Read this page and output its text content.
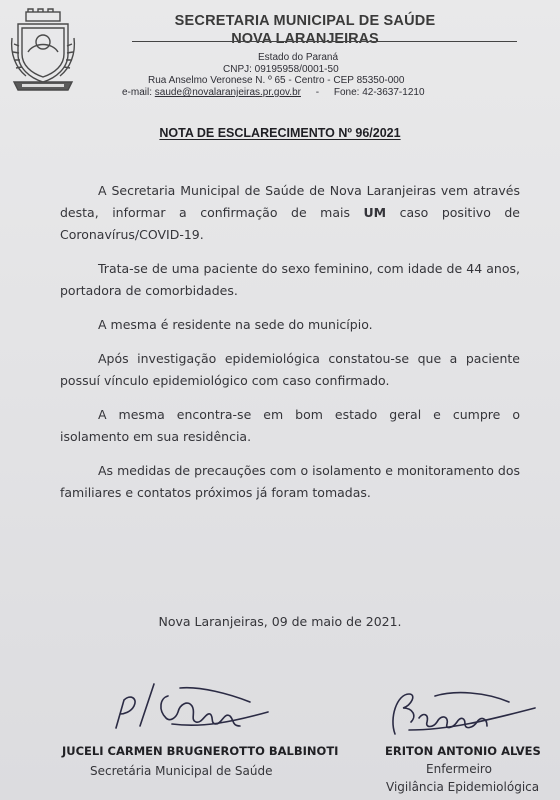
SECRETARIA MUNICIPAL DE SAÚDE
NOVA LARANJEIRAS
Estado do Paraná
CNPJ: 09195958/0001-50
Rua Anselmo Veronese N. º 65 - Centro - CEP 85350-000
e-mail: saude@novalaranjeiras.pr.gov.br - Fone: 42-3637-1210
NOTA DE ESCLARECIMENTO Nº 96/2021

A Secretaria Municipal de Saúde de Nova Laranjeiras vem através desta, informar a confirmação de mais UM caso positivo de Coronavírus/COVID-19.

Trata-se de uma paciente do sexo feminino, com idade de 44 anos, portadora de comorbidades.

A mesma é residente na sede do município.

Após investigação epidemiológica constatou-se que a paciente possuí vínculo epidemiológico com caso confirmado.

A mesma encontra-se em bom estado geral e cumpre o isolamento em sua residência.

As medidas de precauções com o isolamento e monitoramento dos familiares e contatos próximos já foram tomadas.

Nova Laranjeiras, 09 de maio de 2021.
JUCELI CARMEN BRUGNEROTTO BALBINOTI
Secretária Municipal de Saúde
ERITON ANTONIO ALVES
Enfermeiro
Vigilância Epidemiológica
